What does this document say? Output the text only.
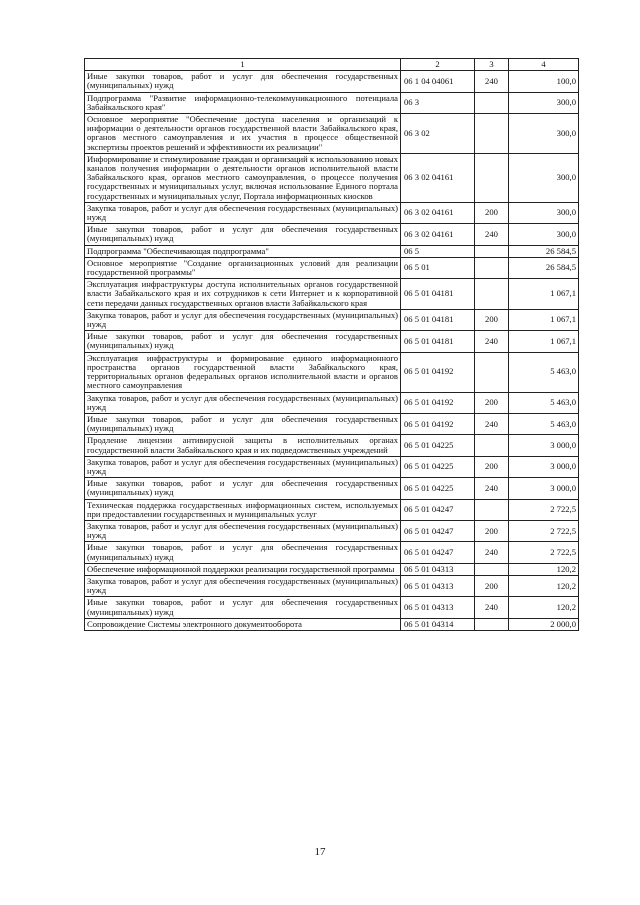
1	2	3	4
Иные закупки товаров, работ и услуг для обеспечения государственных (муниципальных) нужд	06 1 04 04061	240	100,0
Подпрограмма "Развитие информационно-телекоммуникационного потенциала Забайкальского края"	06 3		300,0
Основное мероприятие "Обеспечение доступа населения и организаций к информации о деятельности органов государственной власти Забайкальского края, органов местного самоуправления и их участия в процессе общественной экспертизы проектов решений и эффективности их реализации"	06 3 02		300,0
Информирование и стимулирование граждан и организаций к использованию новых каналов получения информации о деятельности органов исполнительной власти Забайкальского края, органов местного самоуправления, о процессе получения государственных и муниципальных услуг, включая использование Единого портала государственных и муниципальных услуг, Портала информационных киосков	06 3 02 04161		300,0
Закупка товаров, работ и услуг для обеспечения государственных (муниципальных) нужд	06 3 02 04161	200	300,0
Иные закупки товаров, работ и услуг для обеспечения государственных (муниципальных) нужд	06 3 02 04161	240	300,0
Подпрограмма "Обеспечивающая подпрограмма"	06 5		26 584,5
Основное мероприятие "Создание организационных условий для реализации государственной программы"	06 5 01		26 584,5
Эксплуатация инфраструктуры доступа исполнительных органов государственной власти Забайкальского края и их сотрудников к сети Интернет и к корпоративной сети передачи данных государственных органов власти Забайкальского края	06 5 01 04181		1 067,1
Закупка товаров, работ и услуг для обеспечения государственных (муниципальных) нужд	06 5 01 04181	200	1 067,1
Иные закупки товаров, работ и услуг для обеспечения государственных (муниципальных) нужд	06 5 01 04181	240	1 067,1
Эксплуатация инфраструктуры и формирование единого информационного пространства органов государственной власти Забайкальского края, территориальных органов федеральных органов исполнительной власти и органов местного самоуправления	06 5 01 04192		5 463,0
Закупка товаров, работ и услуг для обеспечения государственных (муниципальных) нужд	06 5 01 04192	200	5 463,0
Иные закупки товаров, работ и услуг для обеспечения государственных (муниципальных) нужд	06 5 01 04192	240	5 463,0
Продление лицензии антивирусной защиты в исполнительных органах государственной власти Забайкальского края и их подведомственных учреждений	06 5 01 04225		3 000,0
Закупка товаров, работ и услуг для обеспечения государственных (муниципальных) нужд	06 5 01 04225	200	3 000,0
Иные закупки товаров, работ и услуг для обеспечения государственных (муниципальных) нужд	06 5 01 04225	240	3 000,0
Техническая поддержка государственных информационных систем, используемых при предоставлении государственных и муниципальных услуг	06 5 01 04247		2 722,5
Закупка товаров, работ и услуг для обеспечения государственных (муниципальных) нужд	06 5 01 04247	200	2 722,5
Иные закупки товаров, работ и услуг для обеспечения государственных (муниципальных) нужд	06 5 01 04247	240	2 722,5
Обеспечение информационной поддержки реализации государственной программы	06 5 01 04313		120,2
Закупка товаров, работ и услуг для обеспечения государственных (муниципальных) нужд	06 5 01 04313	200	120,2
Иные закупки товаров, работ и услуг для обеспечения государственных (муниципальных) нужд	06 5 01 04313	240	120,2
Сопровождение Системы электронного документооборота	06 5 01 04314		2 000,0
17
